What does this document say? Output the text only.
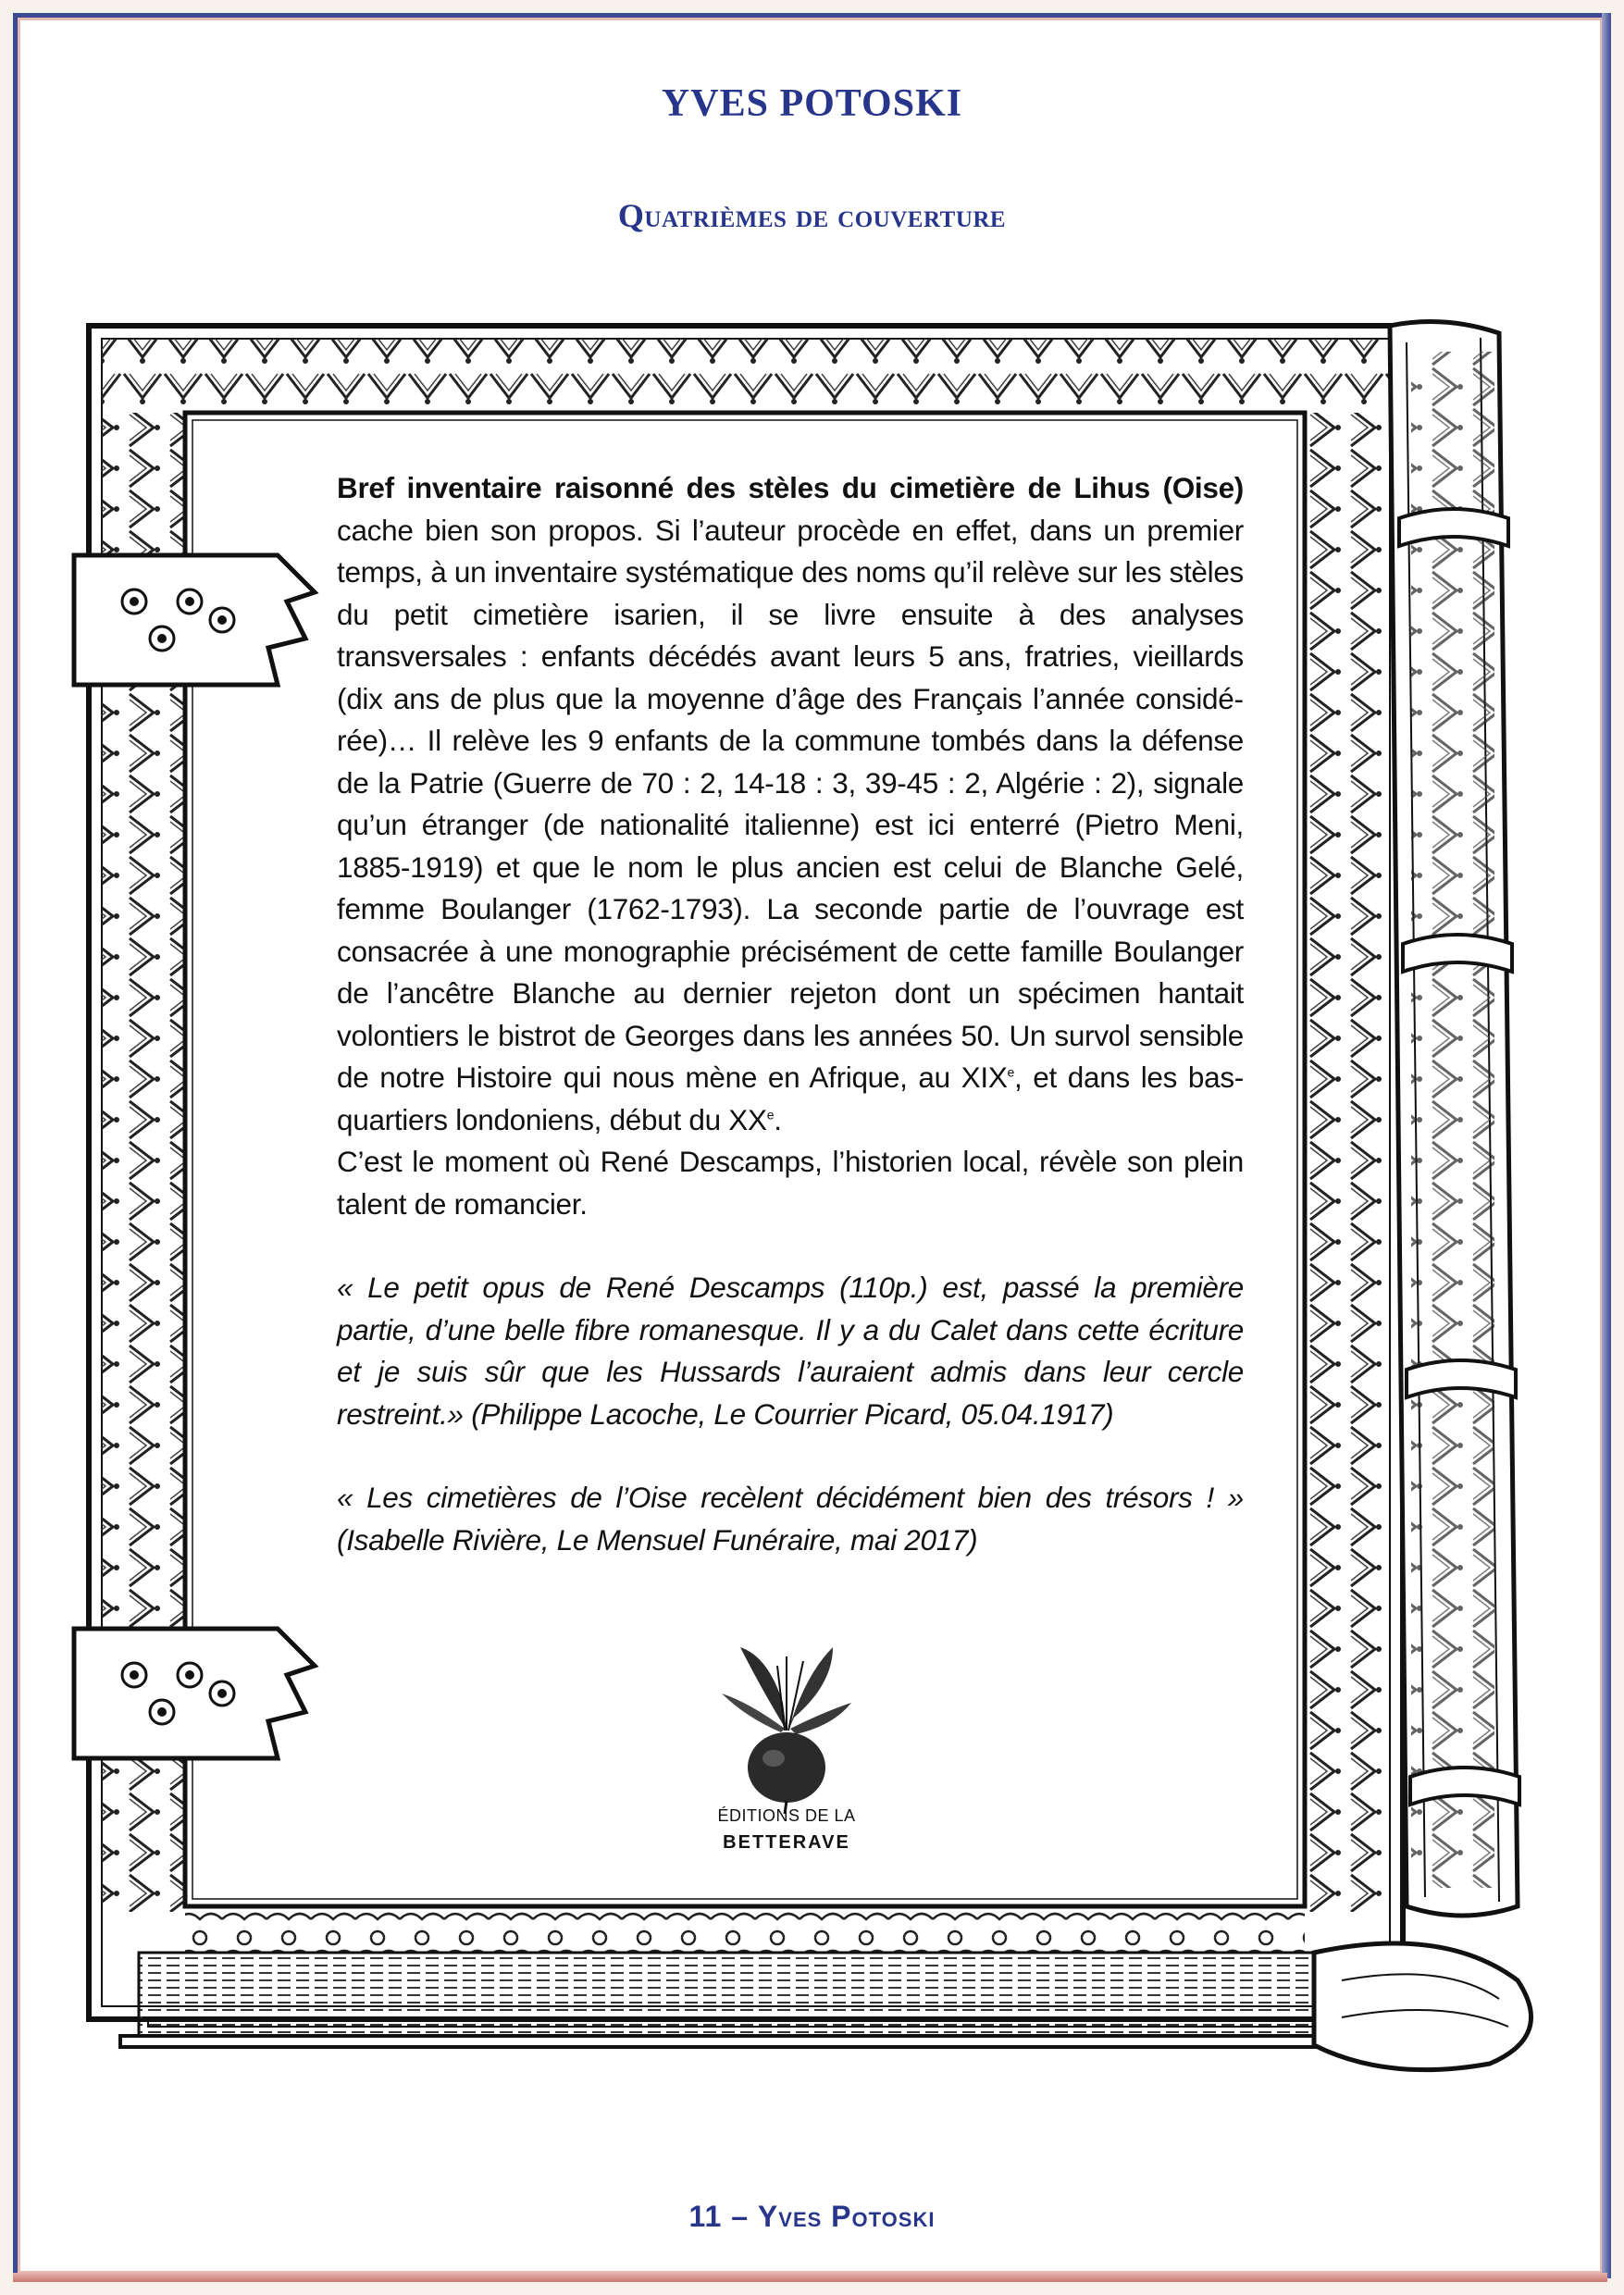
YVES POTOSKI
Quatrièmes de couverture

Bref inventaire raisonné des stèles du cimetière de Lihus (Oise) cache bien son propos. Si l’auteur procède en effet, dans un premier temps, à un inventaire systématique des noms qu’il relève sur les stèles du petit cimetière isarien, il se livre ensuite à des analyses transversales : enfants décédés avant leurs 5 ans, fratries, vieillards (dix ans de plus que la moyenne d’âge des Français l’année considérée)… Il relève les 9 enfants de la commune tombés dans la défense de la Patrie (Guerre de 70 : 2, 14-18 : 3, 39-45 : 2, Algérie : 2), signale qu’un étranger (de nationalité italienne) est ici enterré (Pietro Meni, 1885-1919) et que le nom le plus ancien est celui de Blanche Gelé, femme Boulanger (1762-1793). La seconde partie de l’ouvrage est consacrée à une monographie précisément de cette famille Boulanger de l’ancêtre Blanche au dernier rejeton dont un spécimen hantait volontiers le bistrot de Georges dans les années 50. Un survol sensible de notre Histoire qui nous mène en Afrique, au XIXe, et dans les bas-quartiers londoniens, début du XXe.

C’est le moment où René Descamps, l’historien local, révèle son plein talent de romancier.

« Le petit opus de René Descamps (110p.) est, passé la première partie, d’une belle fibre romanesque. Il y a du Calet dans cette écriture et je suis sûr que les Hussards l’auraient admis dans leur cercle restreint.» (Philippe Lacoche, Le Courrier Picard, 05.04.1917)

« Les cimetières de l’Oise recèlent décidément bien des trésors ! » (Isabelle Rivière, Le Mensuel Funéraire, mai 2017)

ÉDITIONS DE LA
BETTERAVE
11 – Yves Potoski
